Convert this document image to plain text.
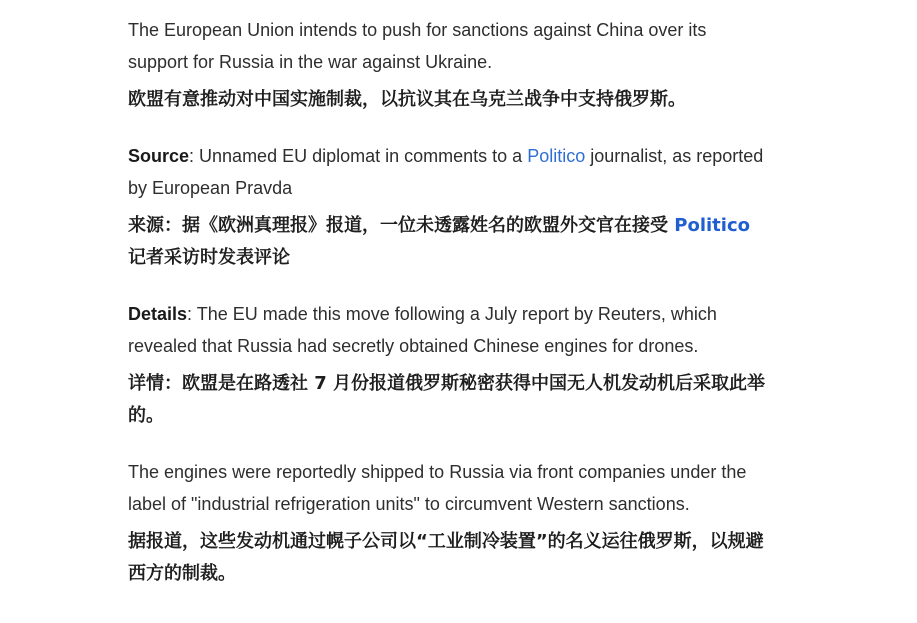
The European Union intends to push for sanctions against China over its support for Russia in the war against Ukraine.

欧盟有意推动对中国实施制裁，以抗议其在乌克兰战争中支持俄罗斯。

Source: Unnamed EU diplomat in comments to a Politico journalist, as reported by European Pravda

来源：据《欧洲真理报》报道，一位未透露姓名的欧盟外交官在接受 Politico 记者采访时发表评论

Details: The EU made this move following a July report by Reuters, which revealed that Russia had secretly obtained Chinese engines for drones.

详情：欧盟是在路透社 7 月份报道俄罗斯秘密获得中国无人机发动机后采取此举的。

The engines were reportedly shipped to Russia via front companies under the label of "industrial refrigeration units" to circumvent Western sanctions.

据报道，这些发动机通过幌子公司以“工业制冷装置”的名义运往俄罗斯，以规避西方的制裁。
